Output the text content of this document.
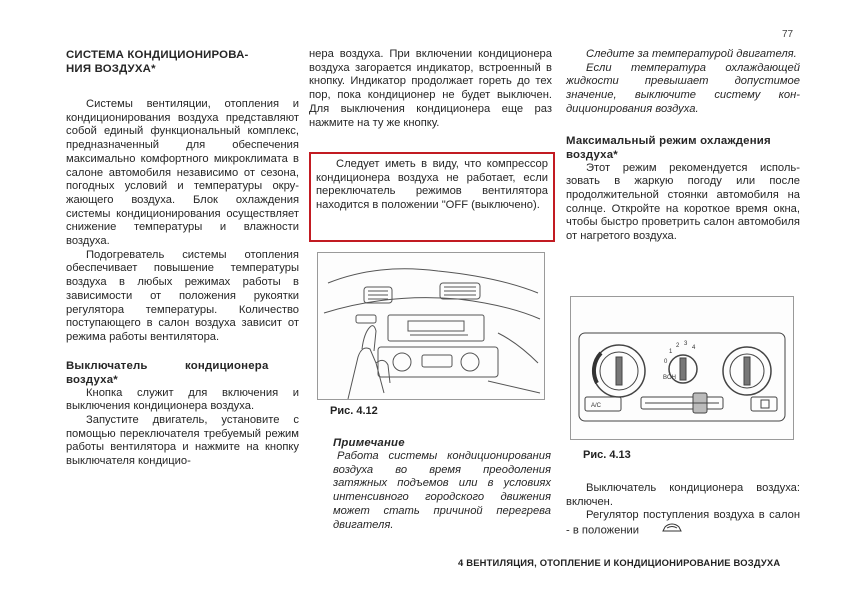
77

СИСТЕМА КОНДИЦИОНИРОВА-
НИЯ ВОЗДУХА*

Системы вентиляции, отопления и кондиционирования воздуха представляют собой единый функциональный комплекс, предназначенный для обеспечения максимально комфортного микроклимата в салоне автомобиля независимо от сезона, погодных условий и температуры окружающего воздуха. Блок охлаждения системы кондиционирования осуществляет снижение температуры и влажности воздуха.

Подогреватель системы отопления обеспечивает повышение температуры воздуха в любых режимах работы в зависимости от положения рукоятки регулятора температуры. Количество поступающего в салон воздуха зависит от режима работы вентилятора.

Выключатель кондиционера воздуха*

Кнопка служит для включения и выключения кондиционера воздуха.

Запустите двигатель, установите с помощью переключателя требуемый режим работы вентилятора и нажмите на кнопку выключателя кондицио-

нера воздуха. При включении кондиционера воздуха загорается индикатор, встроенный в кнопку. Индикатор продолжает гореть до тех пор, пока кондиционер не будет выключен. Для выключения кондиционера еще раз нажмите на ту же кнопку.

Следует иметь в виду, что компрессор кондиционера воздуха не работает, если переключатель режимов вентилятора находится в положении "OFF (выключено).

Рис. 4.12

Примечание

Работа системы кондиционирования воздуха во время преодоления затяжных подъемов или в условиях интенсивного городского движения может стать причиной перегрева двигателя.

Следите за температурой двигателя.

Если температура охлаждающей жидкости превышает допустимое значение, выключите систему кондиционирования воздуха.

Максимальный режим охлаждения воздуха*

Этот режим рекомендуется использовать в жаркую погоду или после продолжительной стоянки автомобиля на солнце. Откройте на короткое время окна, чтобы быстро проветрить салон автомобиля от нагретого воздуха.

A/C
0
1
2 3
4
BOH
Рис. 4.13

Выключатель кондиционера воздуха: включен.

Регулятор поступления воздуха в салон - в положении

4 ВЕНТИЛЯЦИЯ, ОТОПЛЕНИЕ И КОНДИЦИОНИРОВАНИЕ ВОЗДУХА
